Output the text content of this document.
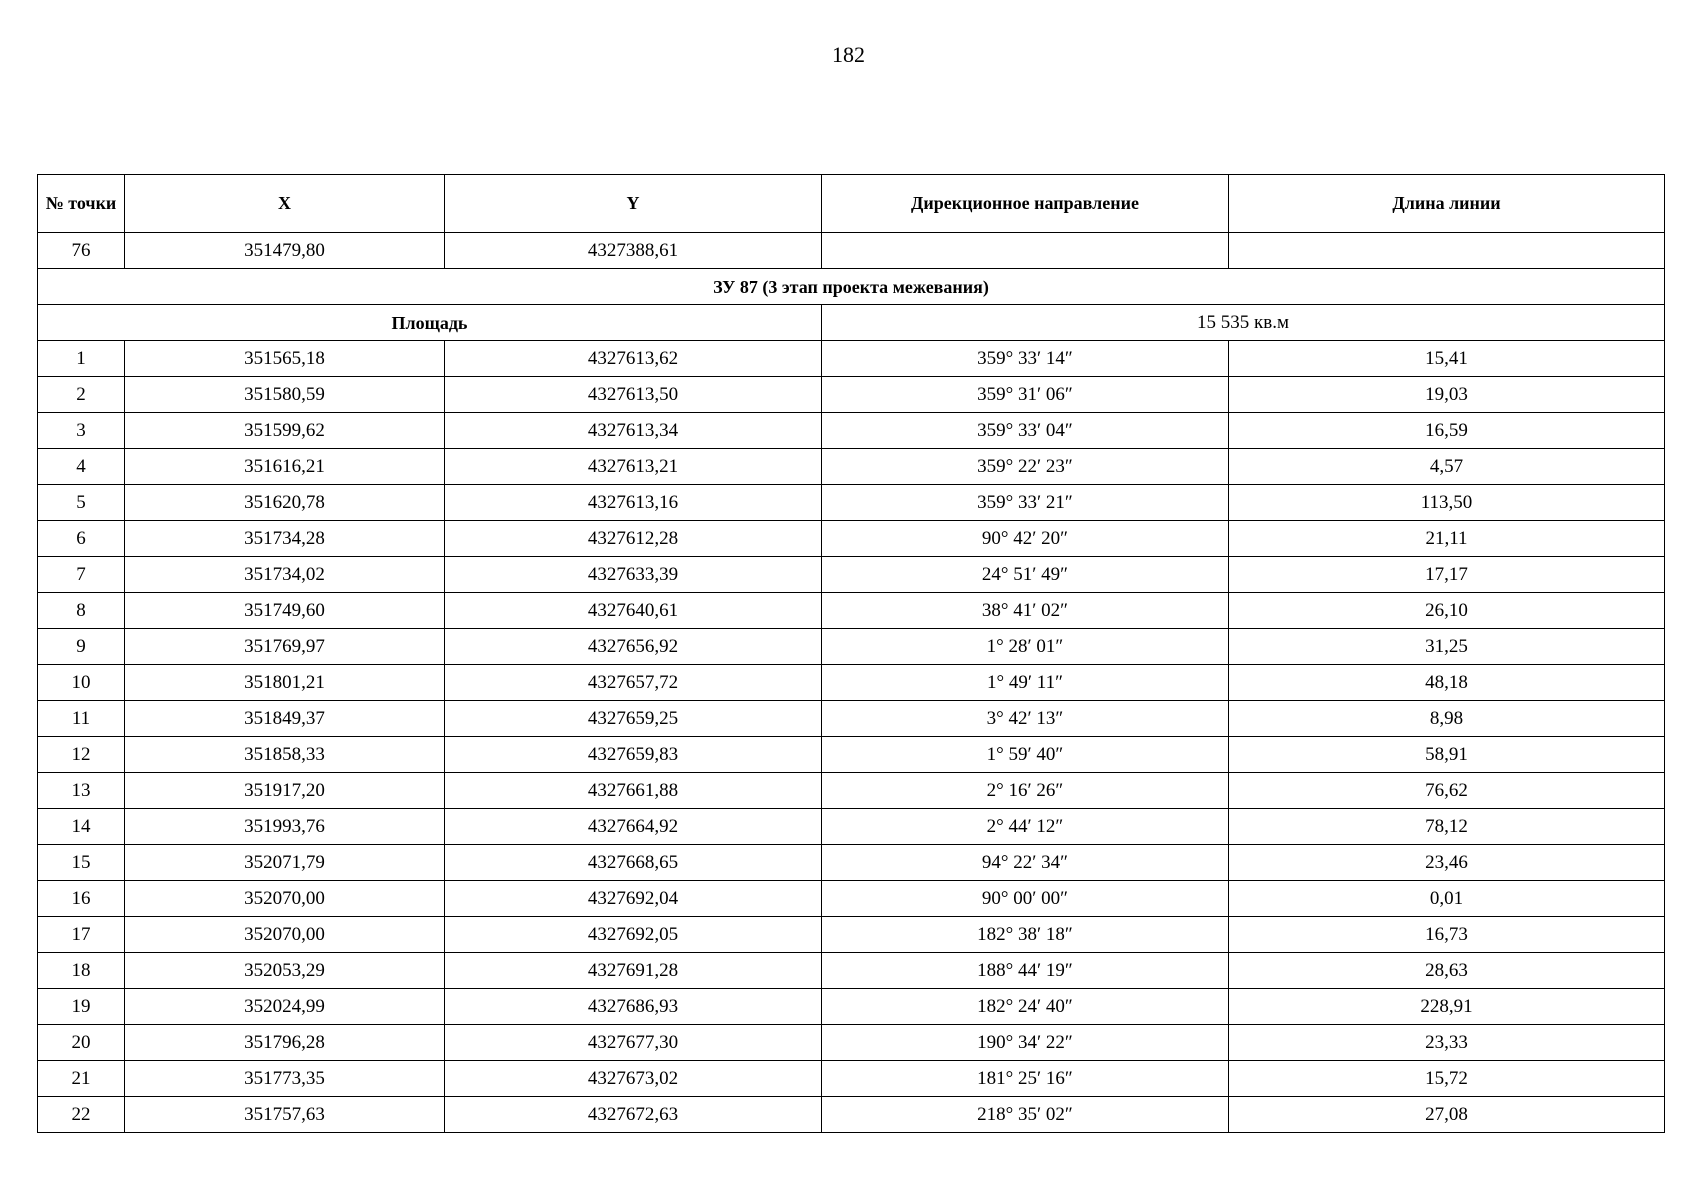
182
№ точки	X	Y	Дирекционное направление	Длина линии
76	351479,80	4327388,61		
ЗУ 87 (3 этап проекта межевания)				
Площадь			15 535 кв.м	
1	351565,18	4327613,62	359° 33′ 14″	15,41
2	351580,59	4327613,50	359° 31′ 06″	19,03
3	351599,62	4327613,34	359° 33′ 04″	16,59
4	351616,21	4327613,21	359° 22′ 23″	4,57
5	351620,78	4327613,16	359° 33′ 21″	113,50
6	351734,28	4327612,28	90° 42′ 20″	21,11
7	351734,02	4327633,39	24° 51′ 49″	17,17
8	351749,60	4327640,61	38° 41′ 02″	26,10
9	351769,97	4327656,92	1° 28′ 01″	31,25
10	351801,21	4327657,72	1° 49′ 11″	48,18
11	351849,37	4327659,25	3° 42′ 13″	8,98
12	351858,33	4327659,83	1° 59′ 40″	58,91
13	351917,20	4327661,88	2° 16′ 26″	76,62
14	351993,76	4327664,92	2° 44′ 12″	78,12
15	352071,79	4327668,65	94° 22′ 34″	23,46
16	352070,00	4327692,04	90° 00′ 00″	0,01
17	352070,00	4327692,05	182° 38′ 18″	16,73
18	352053,29	4327691,28	188° 44′ 19″	28,63
19	352024,99	4327686,93	182° 24′ 40″	228,91
20	351796,28	4327677,30	190° 34′ 22″	23,33
21	351773,35	4327673,02	181° 25′ 16″	15,72
22	351757,63	4327672,63	218° 35′ 02″	27,08
